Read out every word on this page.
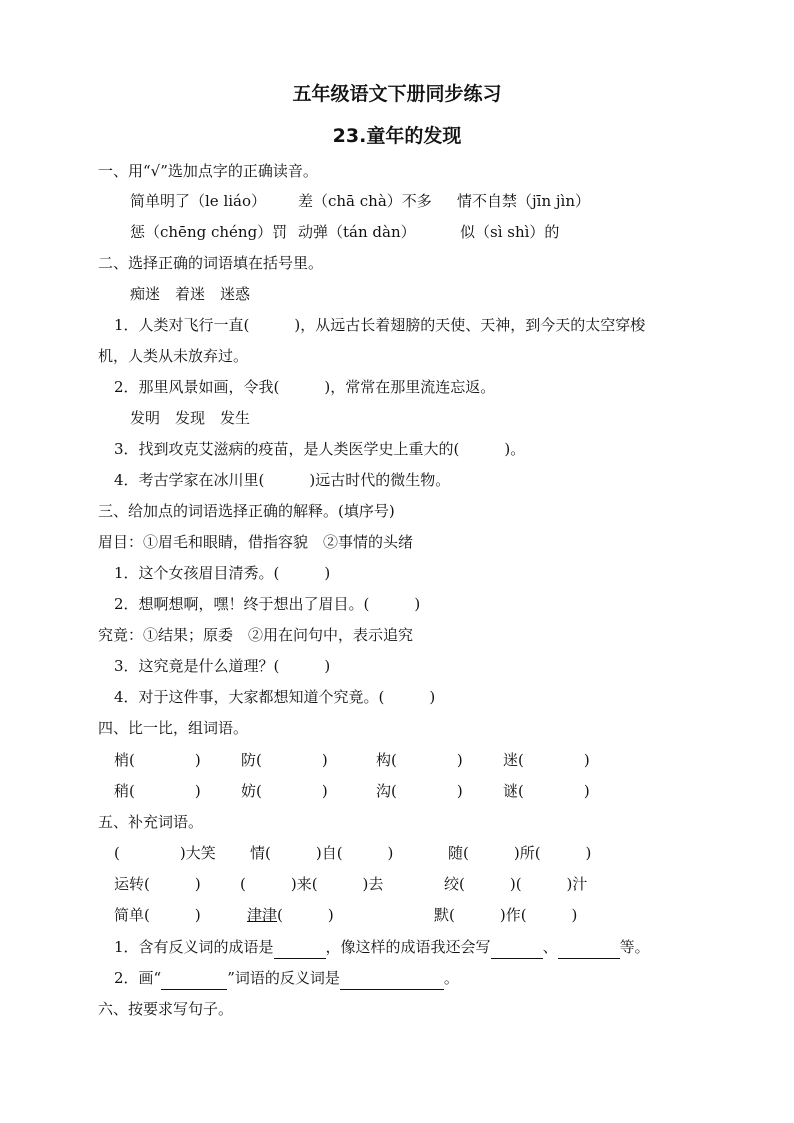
五年级语文下册同步练习
23.童年的发现
一、用“√”选加点字的正确读音。
简单明了（le liáo） 差（chā chà）不多 情不自禁（jīn jìn）
惩（chēng chéng）罚 动弹（tán dàn）	似（sì shì）的
二、选择正确的词语填在括号里。
痴迷　着迷　迷惑
1．人类对飞行一直(　　　)，从远古长着翅膀的天使、天神，到今天的太空穿梭
机，人类从未放弃过。
2．那里风景如画，令我(　　　)，常常在那里流连忘返。
发明　发现　发生
3．找到攻克艾滋病的疫苗，是人类医学史上重大的(　　　)。
4．考古学家在冰川里(　　　)远古时代的微生物。
三、给加点的词语选择正确的解释。(填序号)
眉目：①眉毛和眼睛，借指容貌　②事情的头绪
1．这个女孩眉目清秀。(　　　)
2．想啊想啊，嘿！终于想出了眉目。(　　　)
究竟：①结果；原委　②用在问句中，表示追究
3．这究竟是什么道理？(　　　)
4．对于这件事，大家都想知道个究竟。(　　　)
四、比一比，组词语。
梢(　　　　)	防(　　　　)	构(　　　　)	迷(　　　　)
稍(　　　　)	妨(　　　　)	沟(　　　　)	谜(　　　　)
五、补充词语。
(　　　　)大笑 情(　　　)自(　　　)	随(　　　)所(　　　)
运转(　　　)	(　　　)来(　　　)去	绞(　　　)(　　　)汁
简单(　　　)	津津(　　　)	默(　　　)作(　　　)
1．含有反义词的成语是	，像这样的成语我还会写	、	等。
2．画“	”词语的反义词是	。
六、按要求写句子。
